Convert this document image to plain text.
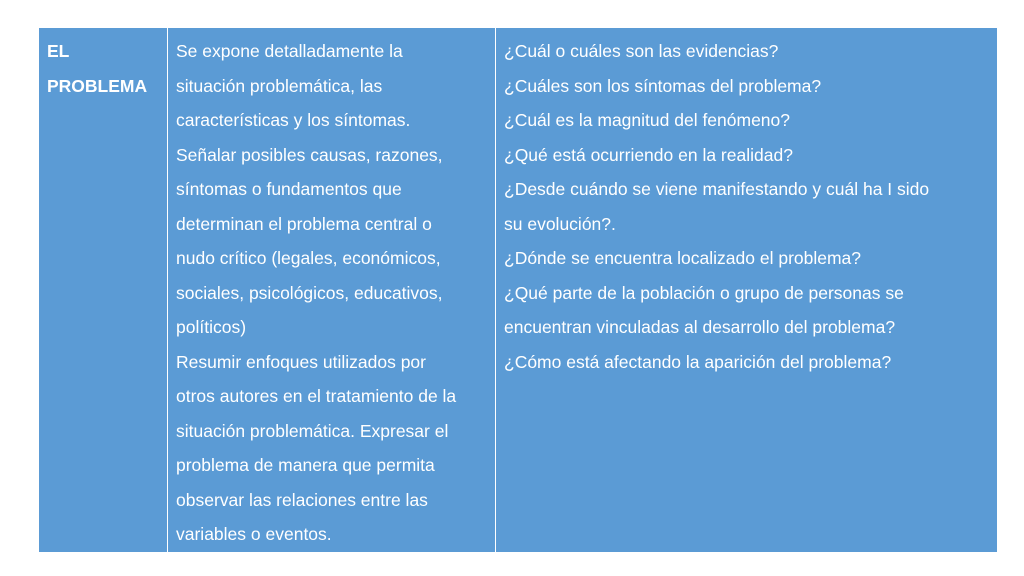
EL
PROBLEMA

Se expone detalladamente la
situación problemática, las
características y los síntomas.
Señalar posibles causas, razones,
síntomas o fundamentos que
determinan el problema central o
nudo crítico (legales, económicos,
sociales, psicológicos, educativos,
políticos)
Resumir enfoques utilizados por
otros autores en el tratamiento de la
situación problemática. Expresar el
problema de manera que permita
observar las relaciones entre las
variables o eventos.

¿Cuál o cuáles son las evidencias?
¿Cuáles son los síntomas del problema?
¿Cuál es la magnitud del fenómeno?
¿Qué está ocurriendo en la realidad?
¿Desde cuándo se viene manifestando y cuál ha I sido
su evolución?.
¿Dónde se encuentra localizado el problema?
¿Qué parte de la población o grupo de personas se
encuentran vinculadas al desarrollo del problema?
¿Cómo está afectando la aparición del problema?
